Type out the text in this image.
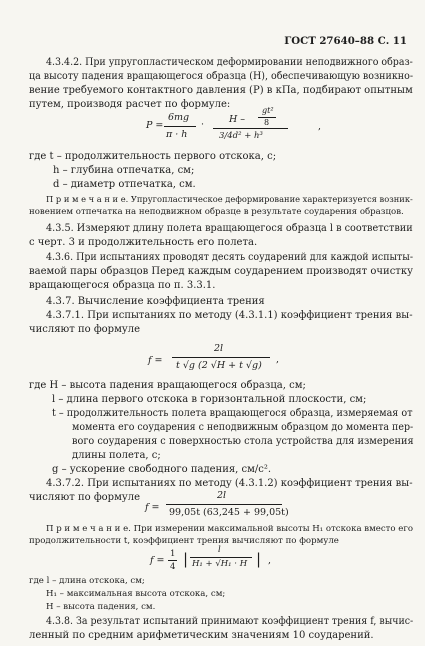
ГОСТ 27640–88 С. 11
4.3.4.2. При упругопластическом деформировании неподвижного образ-
ца высоту падения вращающегося образца (H), обеспечивающую возникно-
вение требуемого контактного давления (P) в кПа, подбирают опытным
путем, производя расчет по формуле:
P =
6mg
π · h
·	H –
gt²
8
3/4d² + h³
,
где t – продолжительность первого отскока, с;
h – глубина отпечатка, см;
d – диаметр отпечатка, см.
П р и м е ч а н и е. Упругопластическое деформирование характеризуется возник-
новением отпечатка на неподвижном образце в результате соударения образцов.
4.3.5. Измеряют длину полета вращающегося образца l в соответствии
с черт. 3 и продолжительность его полета.
4.3.6. При испытаниях проводят десять соударений для каждой испыты-
ваемой пары образцов Перед каждым соударением производят очистку
вращающегося образца по п. 3.3.1.
4.3.7. Вычисление коэффициента трения
4.3.7.1. При испытаниях по методу (4.3.1.1) коэффициент трения вы-
числяют по формуле
f =
2l
t √g (2 √H + t √g)
,
где H – высота падения вращающегося образца, см;
l – длина первого отскока в горизонтальной плоскости, см;
t – продолжительность полета вращающегося образца, измеряемая от
момента его соударения с неподвижным образцом до момента пер-
вого соударения с поверхностью стола устройства для измерения
длины полета, с;
g – ускорение свободного падения, см/с².
4.3.7.2. При испытаниях по методу (4.3.1.2) коэффициент трения вы-
числяют по формуле
f =
2l
99,05t (63,245 + 99,05t)
П р и м е ч а н и е. При измерении максимальной высоты H₁ отскока вместо его
продолжительности t, коэффициент трения вычисляют по формуле
f =
1
4 |	l
H₁ + √H₁ · H | ,
где l – длина отскока, см;
H₁ – максимальная высота отскока, см;
H – высота падения, см.
4.3.8. За результат испытаний принимают коэффициент трения f, вычис-
ленный по средним арифметическим значениям 10 соударений.
